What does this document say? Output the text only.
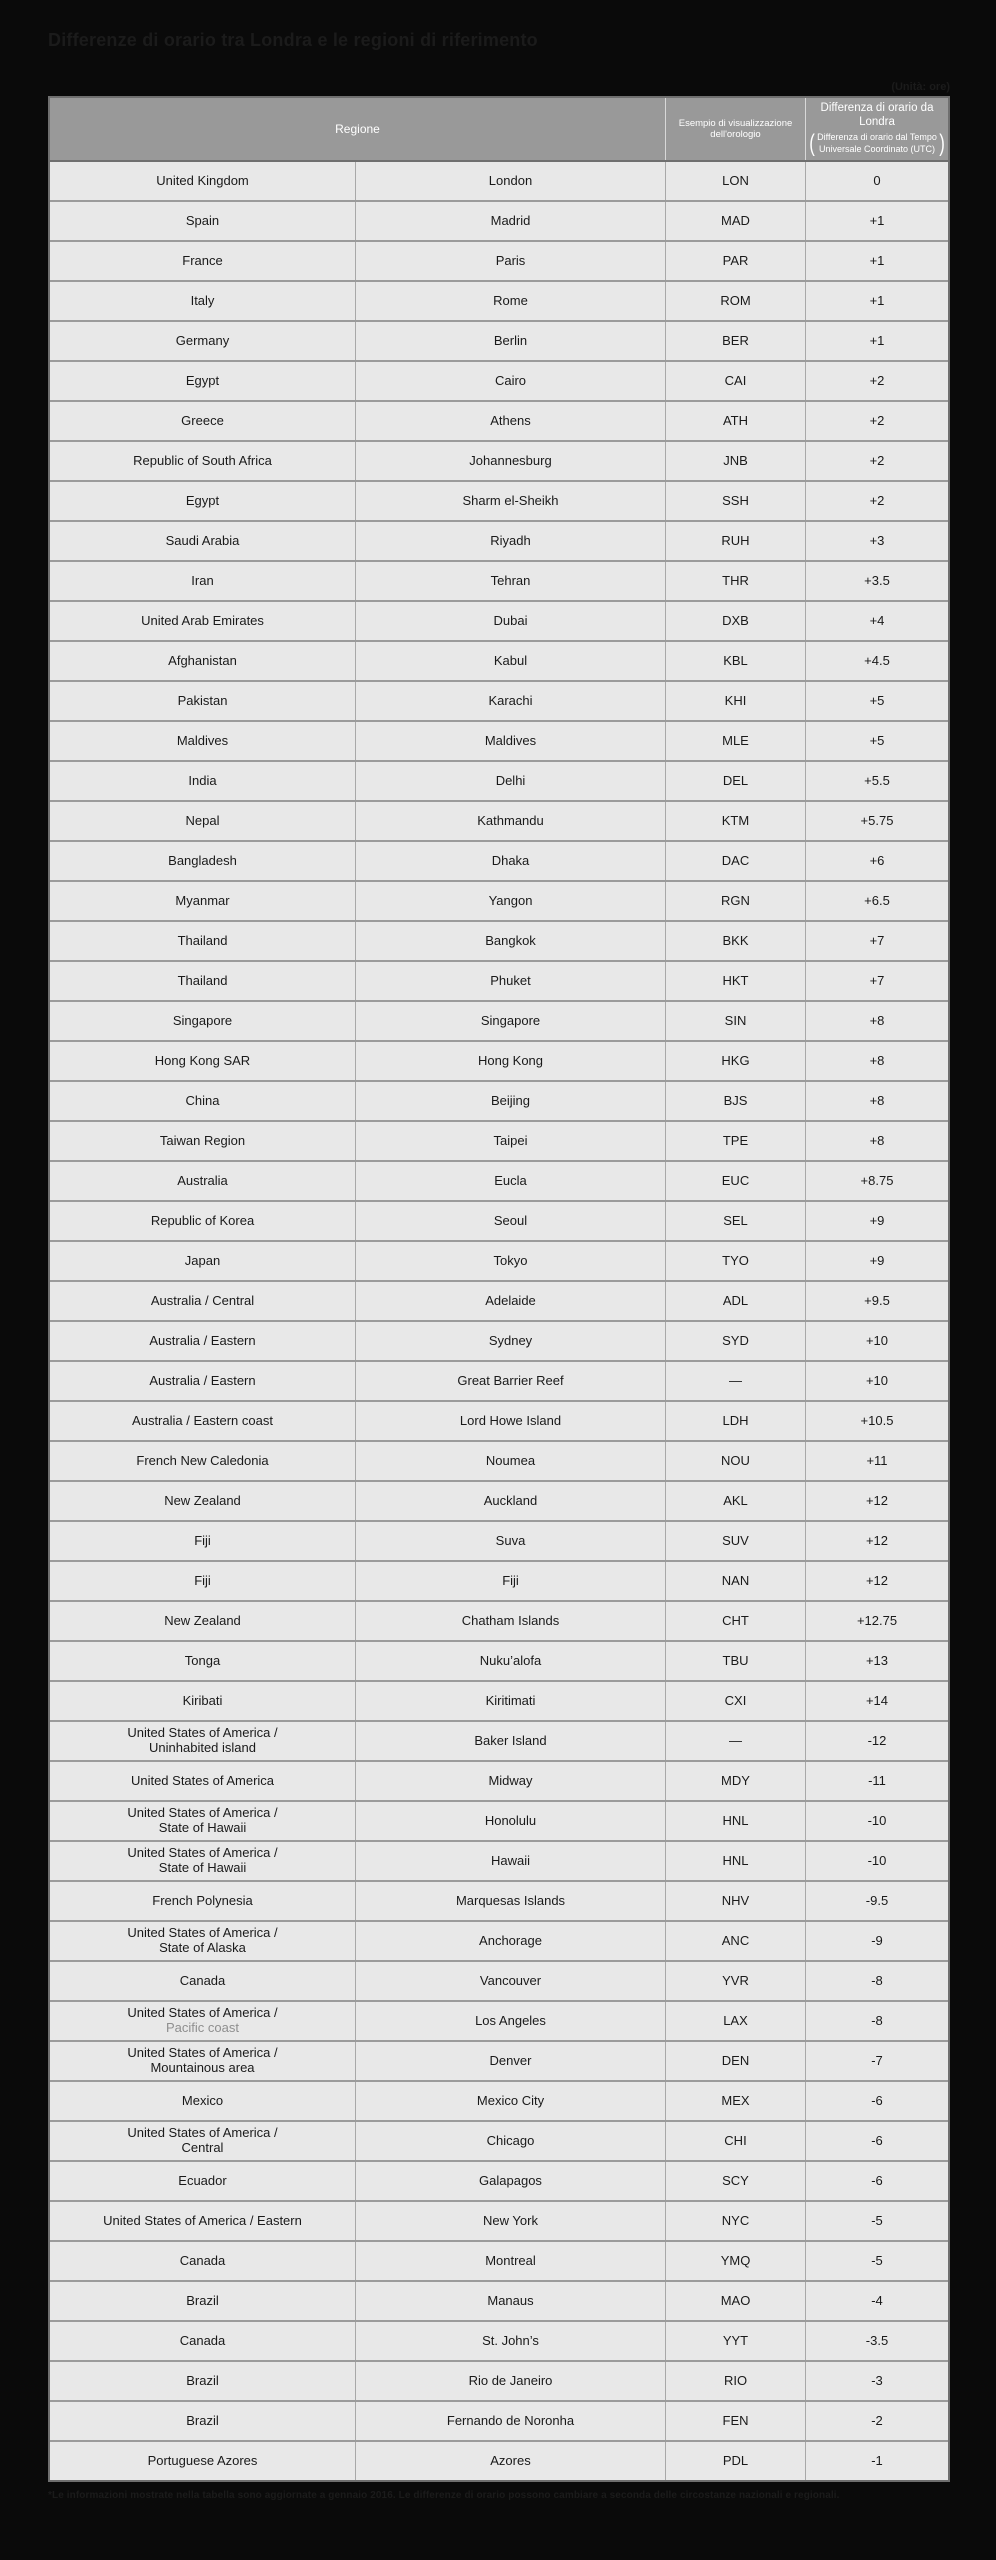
Differenze di orario tra Londra e le regioni di riferimento
(Unità: ore)
Regione	Esempio di visualizzazione dell'orologio
Differenza di orario da Londra
( Differenza di orario dal Tempo
Universale Coordinato (UTC) )
United Kingdom	London	LON	0
Spain	Madrid	MAD	+1
France	Paris	PAR	+1
Italy	Rome	ROM	+1
Germany	Berlin	BER	+1
Egypt	Cairo	CAI	+2
Greece	Athens	ATH	+2
Republic of South Africa	Johannesburg	JNB	+2
Egypt	Sharm el-Sheikh	SSH	+2
Saudi Arabia	Riyadh	RUH	+3
Iran	Tehran	THR	+3.5
United Arab Emirates	Dubai	DXB	+4
Afghanistan	Kabul	KBL	+4.5
Pakistan	Karachi	KHI	+5
Maldives	Maldives	MLE	+5
India	Delhi	DEL	+5.5
Nepal	Kathmandu	KTM	+5.75
Bangladesh	Dhaka	DAC	+6
Myanmar	Yangon	RGN	+6.5
Thailand	Bangkok	BKK	+7
Thailand	Phuket	HKT	+7
Singapore	Singapore	SIN	+8
Hong Kong SAR	Hong Kong	HKG	+8
China	Beijing	BJS	+8
Taiwan Region	Taipei	TPE	+8
Australia	Eucla	EUC	+8.75
Republic of Korea	Seoul	SEL	+9
Japan	Tokyo	TYO	+9
Australia / Central	Adelaide	ADL	+9.5
Australia / Eastern	Sydney	SYD	+10
Australia / Eastern	Great Barrier Reef	—	+10
Australia / Eastern coast	Lord Howe Island	LDH	+10.5
French New Caledonia	Noumea	NOU	+11
New Zealand	Auckland	AKL	+12
Fiji	Suva	SUV	+12
Fiji	Fiji	NAN	+12
New Zealand	Chatham Islands	CHT	+12.75
Tonga	Nuku’alofa	TBU	+13
Kiribati	Kiritimati	CXI	+14
United States of America /
Uninhabited island	Baker Island	—	-12
United States of America	Midway	MDY	-11
United States of America /
State of Hawaii	Honolulu	HNL	-10
United States of America /
State of Hawaii	Hawaii	HNL	-10
French Polynesia	Marquesas Islands	NHV	-9.5
United States of America /
State of Alaska	Anchorage	ANC	-9
Canada	Vancouver	YVR	-8
United States of America /
Pacific coast	Los Angeles	LAX	-8
United States of America /
Mountainous area	Denver	DEN	-7
Mexico	Mexico City	MEX	-6
United States of America /
Central	Chicago	CHI	-6
Ecuador	Galapagos	SCY	-6
United States of America / Eastern	New York	NYC	-5
Canada	Montreal	YMQ	-5
Brazil	Manaus	MAO	-4
Canada	St. John’s	YYT	-3.5
Brazil	Rio de Janeiro	RIO	-3
Brazil	Fernando de Noronha	FEN	-2
Portuguese Azores	Azores	PDL	-1

*Le informazioni mostrate nella tabella sono aggiornate a gennaio 2016. Le differenze di orario possono cambiare a seconda delle circostanze nazionali e regionali.
